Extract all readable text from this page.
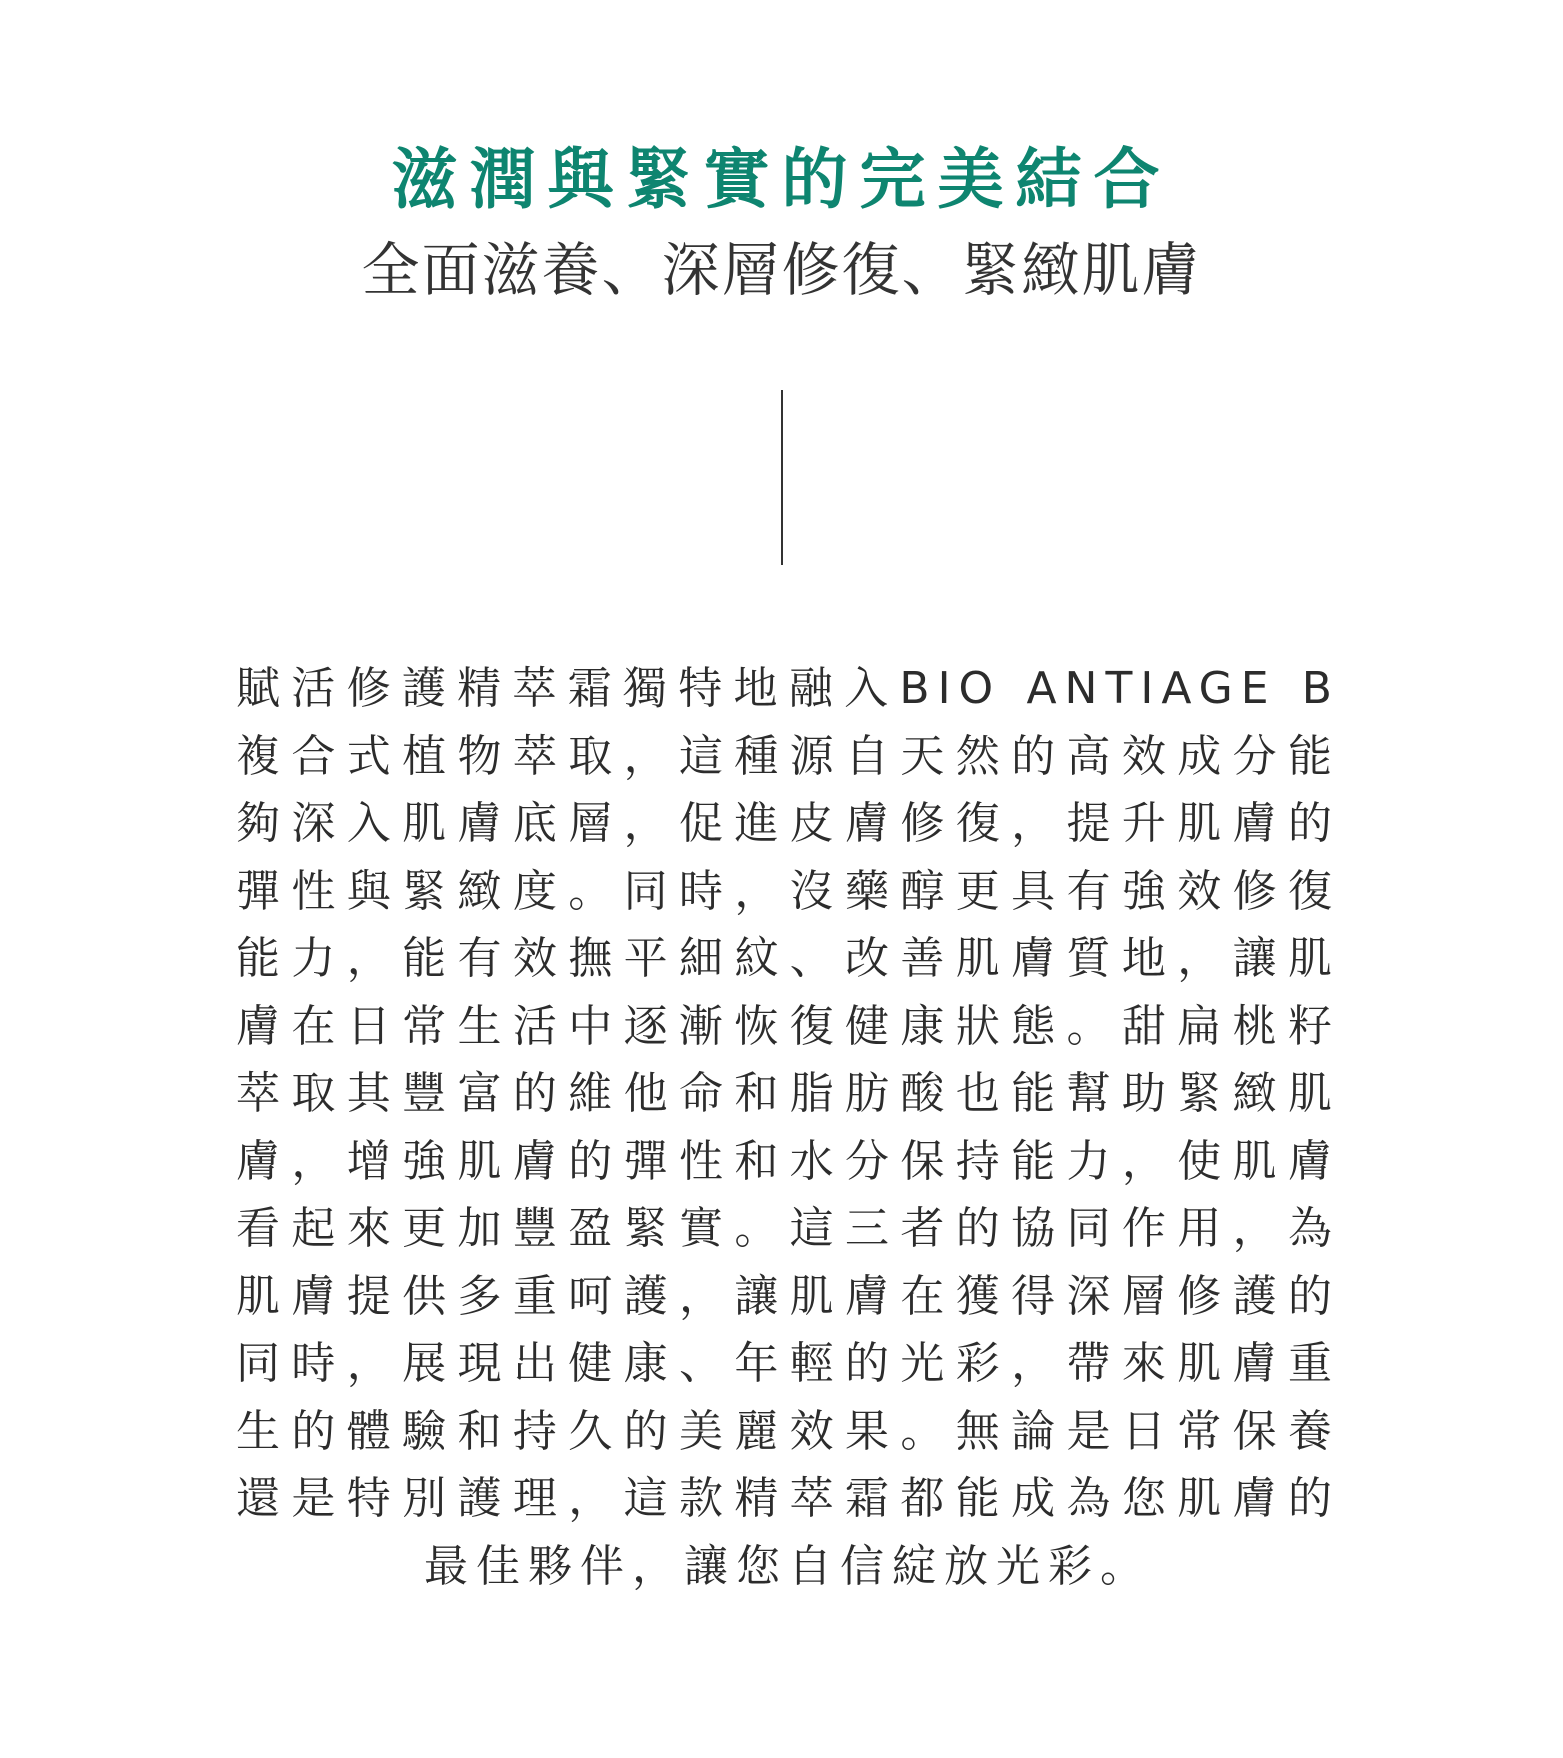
滋潤與緊實的完美結合
全面滋養、深層修復、緊緻肌膚
賦活修護精萃霜獨特地融入BIO ANTIAGE B
複合式植物萃取，這種源自天然的高效成分能
夠深入肌膚底層，促進皮膚修復，提升肌膚的
彈性與緊緻度。同時，沒藥醇更具有強效修復
能力，能有效撫平細紋、改善肌膚質地，讓肌
膚在日常生活中逐漸恢復健康狀態。甜扁桃籽
萃取其豐富的維他命和脂肪酸也能幫助緊緻肌
膚，增強肌膚的彈性和水分保持能力，使肌膚
看起來更加豐盈緊實。這三者的協同作用，為
肌膚提供多重呵護，讓肌膚在獲得深層修護的
同時，展現出健康、年輕的光彩，帶來肌膚重
生的體驗和持久的美麗效果。無論是日常保養
還是特別護理，這款精萃霜都能成為您肌膚的
最佳夥伴，讓您自信綻放光彩。
